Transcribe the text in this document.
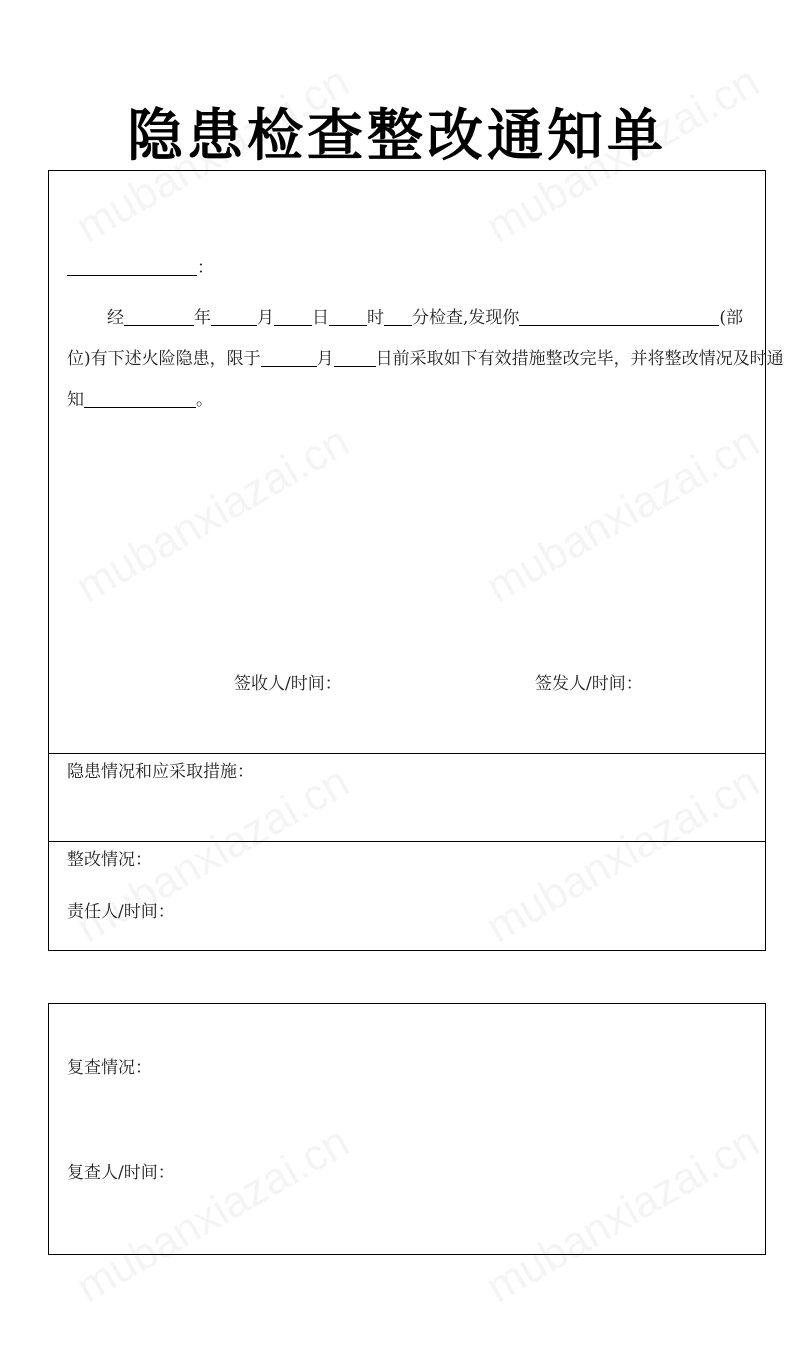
隐患检查整改通知单
：
经	年	月 日 时 分检查,发现你	(部
位)有下述火险隐患，限于	月 日前采取如下有效措施整改完毕，并将整改情况及时通
知	。
签收人/时间：	签发人/时间：
隐患情况和应采取措施：
整改情况：
责任人/时间：
复查情况：
复查人/时间：
